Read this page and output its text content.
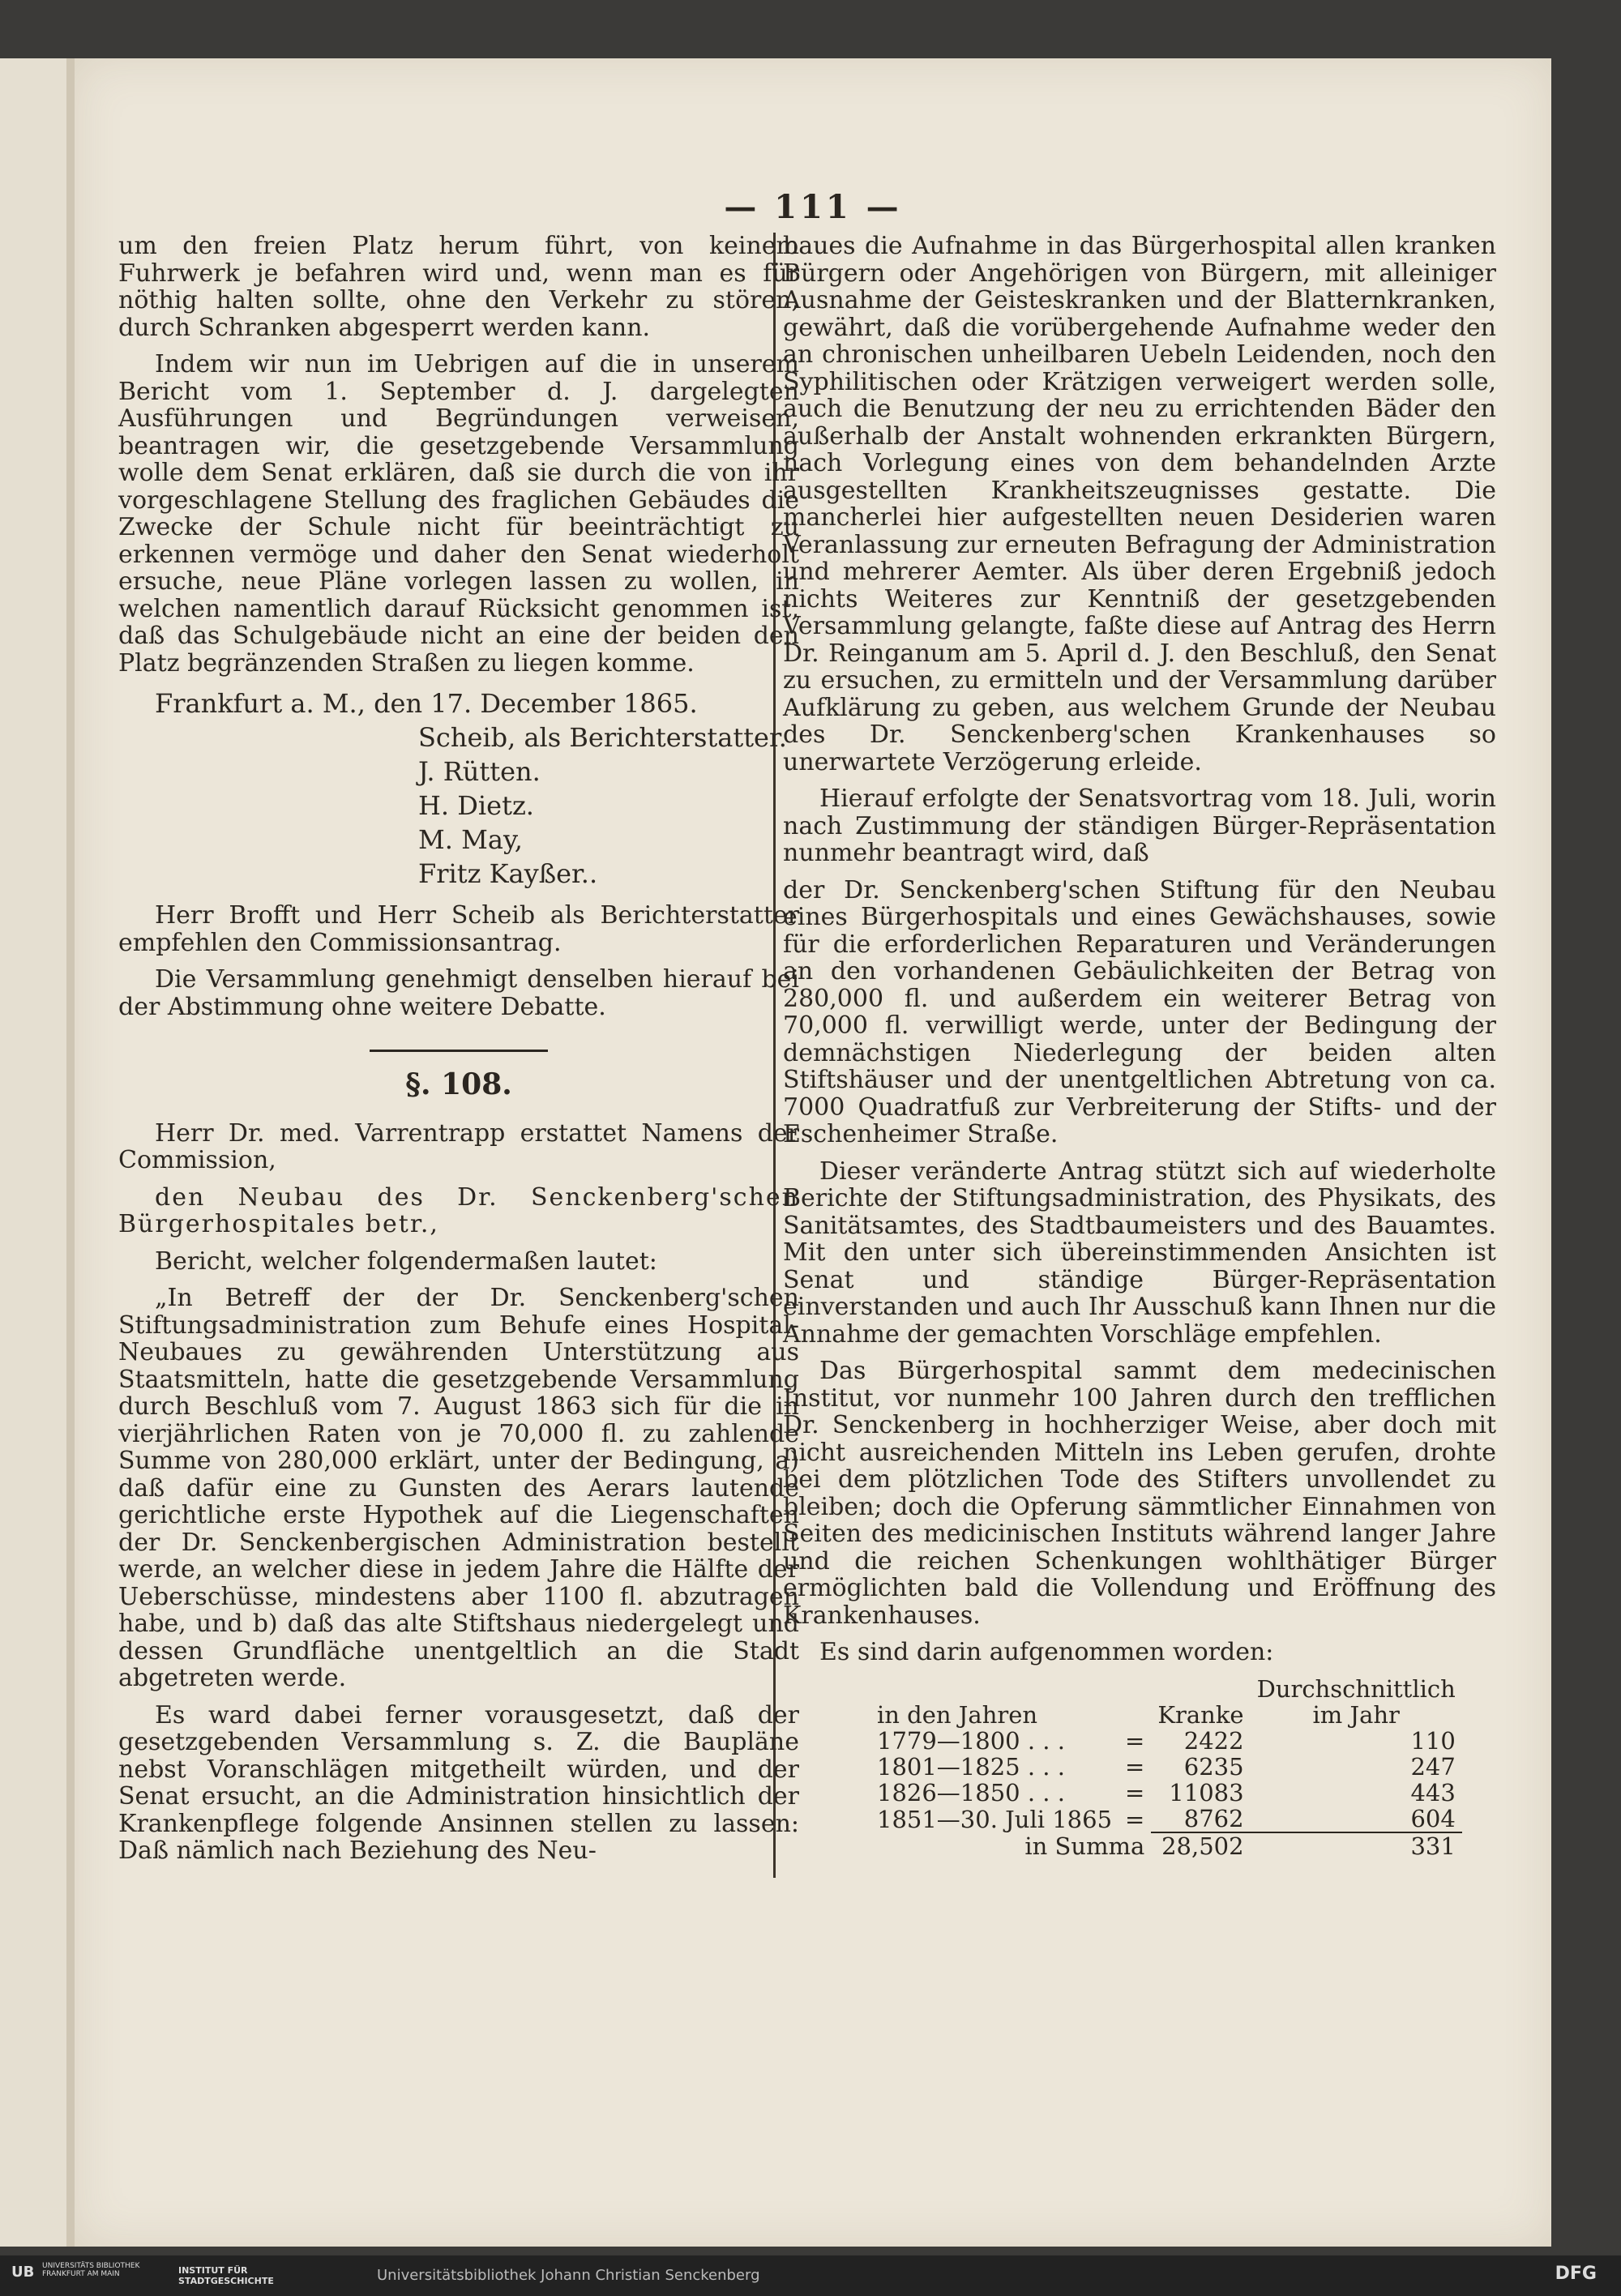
— 111 —

um den freien Platz herum führt, von keinem Fuhrwerk je befahren wird und, wenn man es für nöthig halten sollte, ohne den Verkehr zu stören, durch Schranken abgesperrt werden kann.

Indem wir nun im Uebrigen auf die in unserem Bericht vom 1. September d. J. dargelegten Ausführungen und Begründungen verweisen, beantragen wir, die gesetzgebende Versammlung wolle dem Senat erklären, daß sie durch die von ihr vorgeschlagene Stellung des fraglichen Gebäudes die Zwecke der Schule nicht für beeinträchtigt zu erkennen vermöge und daher den Senat wiederholt ersuche, neue Pläne vorlegen lassen zu wollen, in welchen namentlich darauf Rücksicht genommen ist, daß das Schulgebäude nicht an eine der beiden den Platz begränzenden Straßen zu liegen komme.

Frankfurt a. M., den 17. December 1865.
Scheib, als Berichterstatter.
J. Rütten.
H. Dietz.
M. May,
Fritz Kayßer..

Herr Brofft und Herr Scheib als Berichterstatter empfehlen den Commissionsantrag.

Die Versammlung genehmigt denselben hierauf bei der Abstimmung ohne weitere Debatte.

§. 108.

Herr Dr. med. Varrentrapp erstattet Namens der Commission,

den Neubau des Dr. Senckenberg'schen Bürgerhospitales betr.,

Bericht, welcher folgendermaßen lautet:

„In Betreff der der Dr. Senckenberg'schen Stiftungsadministration zum Behufe eines Hospital-Neubaues zu gewährenden Unterstützung aus Staatsmitteln, hatte die gesetzgebende Versammlung durch Beschluß vom 7. August 1863 sich für die in vierjährlichen Raten von je 70,000 fl. zu zahlende Summe von 280,000 erklärt, unter der Bedingung, a) daß dafür eine zu Gunsten des Aerars lautende gerichtliche erste Hypothek auf die Liegenschaften der Dr. Senckenbergischen Administration bestellt werde, an welcher diese in jedem Jahre die Hälfte der Ueberschüsse, mindestens aber 1100 fl. abzutragen habe, und b) daß das alte Stiftshaus niedergelegt und dessen Grundfläche unentgeltlich an die Stadt abgetreten werde.

Es ward dabei ferner vorausgesetzt, daß der gesetzgebenden Versammlung s. Z. die Baupläne nebst Voranschlägen mitgetheilt würden, und der Senat ersucht, an die Administration hinsichtlich der Krankenpflege folgende Ansinnen stellen zu lassen: Daß nämlich nach Beziehung des Neu-

baues die Aufnahme in das Bürgerhospital allen kranken Bürgern oder Angehörigen von Bürgern, mit alleiniger Ausnahme der Geisteskranken und der Blatternkranken, gewährt, daß die vorübergehende Aufnahme weder den an chronischen unheilbaren Uebeln Leidenden, noch den Syphilitischen oder Krätzigen verweigert werden solle, auch die Benutzung der neu zu errichtenden Bäder den außerhalb der Anstalt wohnenden erkrankten Bürgern, nach Vorlegung eines von dem behandelnden Arzte ausgestellten Krankheitszeugnisses gestatte. Die mancherlei hier aufgestellten neuen Desiderien waren Veranlassung zur erneuten Befragung der Administration und mehrerer Aemter. Als über deren Ergebniß jedoch nichts Weiteres zur Kenntniß der gesetzgebenden Versammlung gelangte, faßte diese auf Antrag des Herrn Dr. Reinganum am 5. April d. J. den Beschluß, den Senat zu ersuchen, zu ermitteln und der Versammlung darüber Aufklärung zu geben, aus welchem Grunde der Neubau des Dr. Senckenberg'schen Krankenhauses so unerwartete Verzögerung erleide.

Hierauf erfolgte der Senatsvortrag vom 18. Juli, worin nach Zustimmung der ständigen Bürger-Repräsentation nunmehr beantragt wird, daß

der Dr. Senckenberg'schen Stiftung für den Neubau eines Bürgerhospitals und eines Gewächshauses, sowie für die erforderlichen Reparaturen und Veränderungen an den vorhandenen Gebäulichkeiten der Betrag von 280,000 fl. und außerdem ein weiterer Betrag von 70,000 fl. verwilligt werde, unter der Bedingung der demnächstigen Niederlegung der beiden alten Stiftshäuser und der unentgeltlichen Abtretung von ca. 7000 Quadratfuß zur Verbreiterung der Stifts- und der Eschenheimer Straße.

Dieser veränderte Antrag stützt sich auf wiederholte Berichte der Stiftungsadministration, des Physikats, des Sanitätsamtes, des Stadtbaumeisters und des Bauamtes. Mit den unter sich übereinstimmenden Ansichten ist Senat und ständige Bürger-Repräsentation einverstanden und auch Ihr Ausschuß kann Ihnen nur die Annahme der gemachten Vorschläge empfehlen.

Das Bürgerhospital sammt dem medecinischen Institut, vor nunmehr 100 Jahren durch den trefflichen Dr. Senckenberg in hochherziger Weise, aber doch mit nicht ausreichenden Mitteln ins Leben gerufen, drohte bei dem plötzlichen Tode des Stifters unvollendet zu bleiben; doch die Opferung sämmtlicher Einnahmen von Seiten des medicinischen Instituts während langer Jahre und die reichen Schenkungen wohlthätiger Bürger ermöglichten bald die Vollendung und Eröffnung des Krankenhauses.

Es sind darin aufgenommen worden:

			Durchschnittlich
in den Jahren		Kranke	im Jahr
1779—1800 . . .	=	2422	110
1801—1825 . . .	=	6235	247
1826—1850 . . .	=	11083	443
1851—30. Juli 1865	=	8762	604
in Summa		28,502	331
UB UNIVERSITÄTS BIBLIOTHEK FRANKFURT AM MAIN	INSTITUT FÜR STADTGESCHICHTE	Universitätsbibliothek Johann Christian Senckenberg	DFG
